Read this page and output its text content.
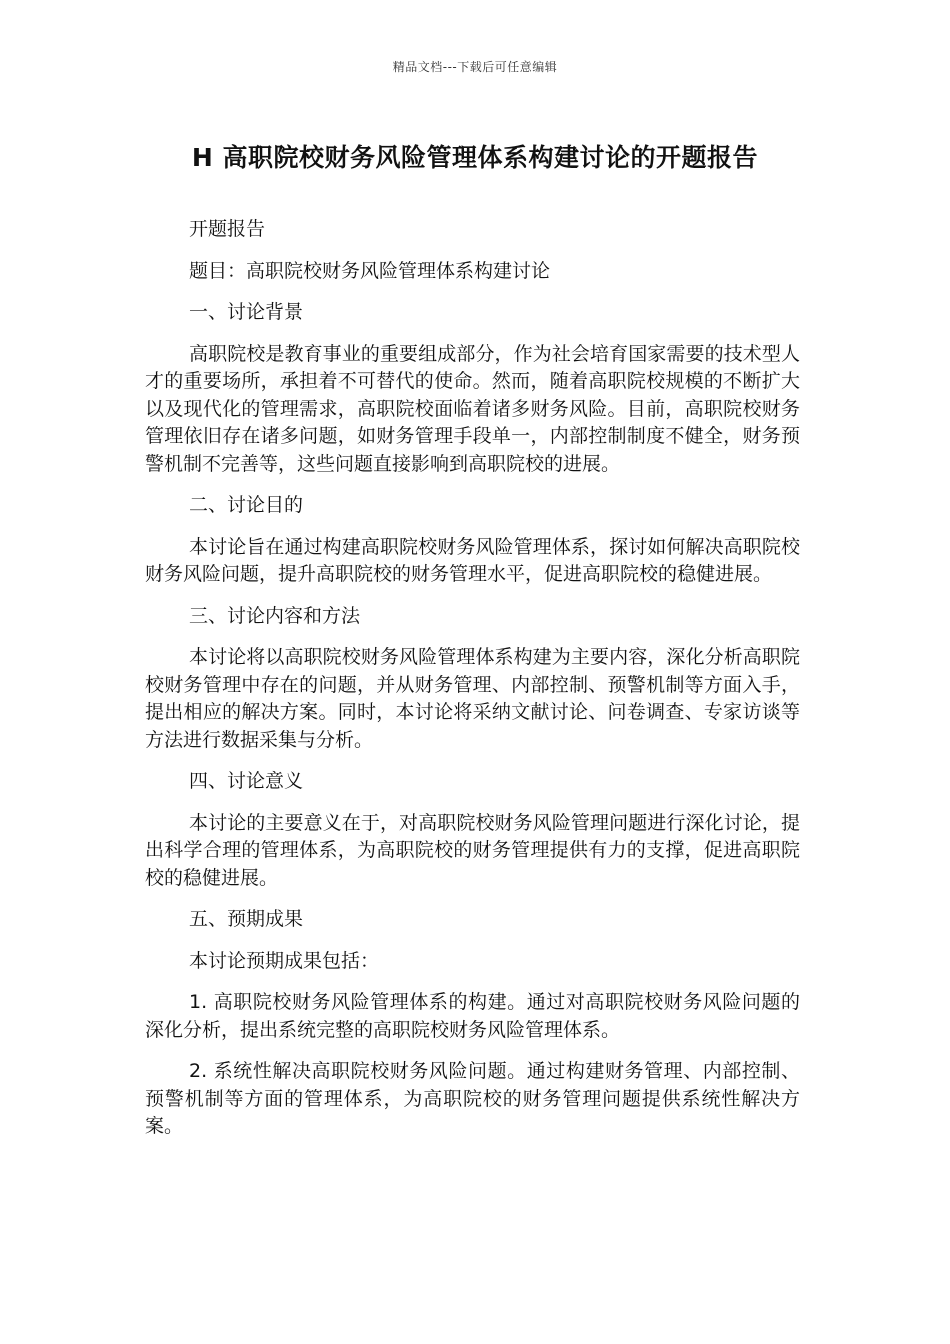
精品文档---下载后可任意编辑
H 高职院校财务风险管理体系构建讨论的开题报告

开题报告

题目：高职院校财务风险管理体系构建讨论

一、讨论背景

高职院校是教育事业的重要组成部分，作为社会培育国家需要的技术型人才的重要场所，承担着不可替代的使命。然而，随着高职院校规模的不断扩大以及现代化的管理需求，高职院校面临着诸多财务风险。目前，高职院校财务管理依旧存在诸多问题，如财务管理手段单一，内部控制制度不健全，财务预警机制不完善等，这些问题直接影响到高职院校的进展。

二、讨论目的

本讨论旨在通过构建高职院校财务风险管理体系，探讨如何解决高职院校财务风险问题，提升高职院校的财务管理水平，促进高职院校的稳健进展。

三、讨论内容和方法

本讨论将以高职院校财务风险管理体系构建为主要内容，深化分析高职院校财务管理中存在的问题，并从财务管理、内部控制、预警机制等方面入手，提出相应的解决方案。同时，本讨论将采纳文献讨论、问卷调查、专家访谈等方法进行数据采集与分析。

四、讨论意义

本讨论的主要意义在于，对高职院校财务风险管理问题进行深化讨论，提出科学合理的管理体系，为高职院校的财务管理提供有力的支撑，促进高职院校的稳健进展。

五、预期成果

本讨论预期成果包括：

1. 高职院校财务风险管理体系的构建。通过对高职院校财务风险问题的深化分析，提出系统完整的高职院校财务风险管理体系。

2. 系统性解决高职院校财务风险问题。通过构建财务管理、内部控制、预警机制等方面的管理体系，为高职院校的财务管理问题提供系统性解决方案。
